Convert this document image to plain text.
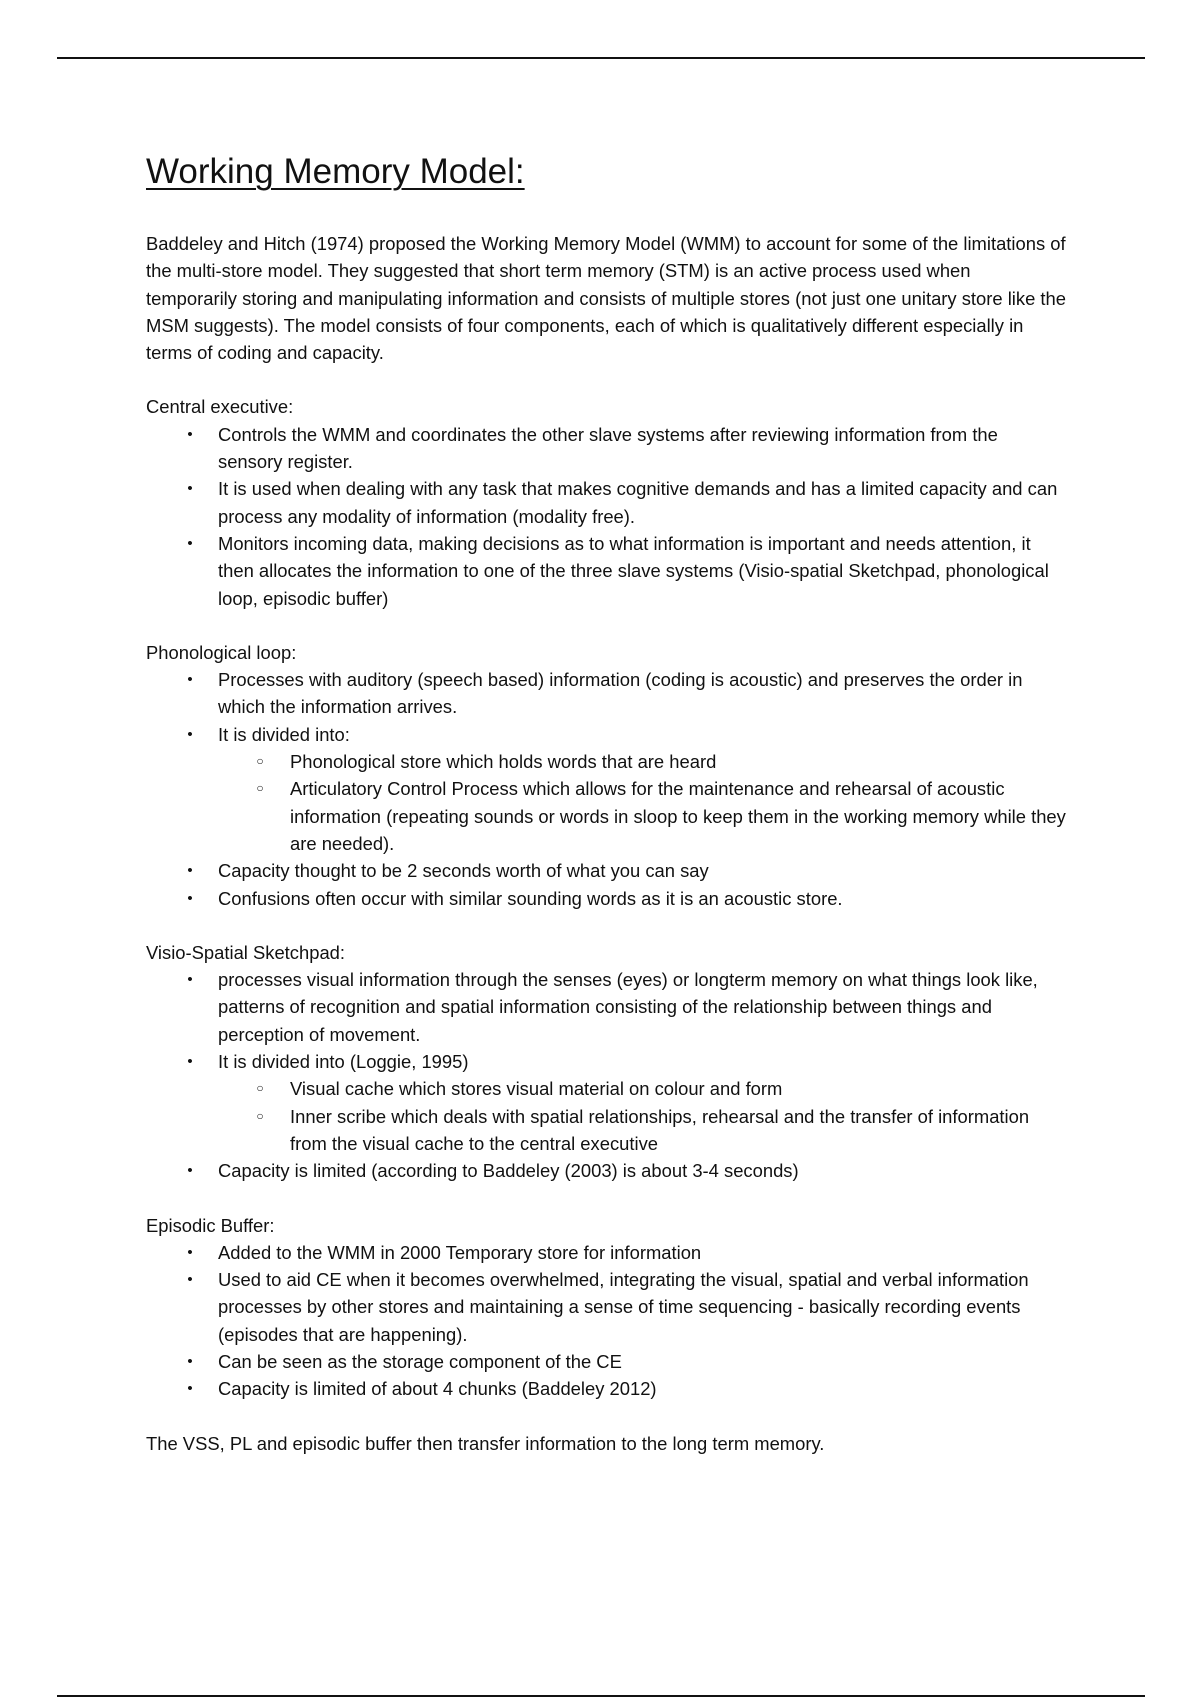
Working Memory Model:

Baddeley and Hitch (1974) proposed the Working Memory Model (WMM) to account for some of the limitations of the multi-store model. They suggested that short term memory (STM) is an active process used when temporarily storing and manipulating information and consists of multiple stores (not just one unitary store like the MSM suggests). The model consists of four components, each of which is qualitatively different especially in terms of coding and capacity.

Central executive:

• Controls the WMM and coordinates the other slave systems after reviewing information from the sensory register.
• It is used when dealing with any task that makes cognitive demands and has a limited capacity and can process any modality of information (modality free).
• Monitors incoming data, making decisions as to what information is important and needs attention, it then allocates the information to one of the three slave systems (Visio-spatial Sketchpad, phonological loop, episodic buffer)

Phonological loop:

• Processes with auditory (speech based) information (coding is acoustic) and preserves the order in which the information arrives.
• It is divided into:
○ Phonological store which holds words that are heard
○ Articulatory Control Process which allows for the maintenance and rehearsal of acoustic information (repeating sounds or words in sloop to keep them in the working memory while they are needed).
• Capacity thought to be 2 seconds worth of what you can say
• Confusions often occur with similar sounding words as it is an acoustic store.

Visio-Spatial Sketchpad:

• processes visual information through the senses (eyes) or longterm memory on what things look like, patterns of recognition and spatial information consisting of the relationship between things and perception of movement.
• It is divided into (Loggie, 1995)
○ Visual cache which stores visual material on colour and form
○ Inner scribe which deals with spatial relationships, rehearsal and the transfer of information from the visual cache to the central executive
• Capacity is limited (according to Baddeley (2003) is about 3-4 seconds)

Episodic Buffer:

• Added to the WMM in 2000 Temporary store for information
• Used to aid CE when it becomes overwhelmed, integrating the visual, spatial and verbal information processes by other stores and maintaining a sense of time sequencing - basically recording events (episodes that are happening).
• Can be seen as the storage component of the CE
• Capacity is limited of about 4 chunks (Baddeley 2012)

The VSS, PL and episodic buffer then transfer information to the long term memory.
